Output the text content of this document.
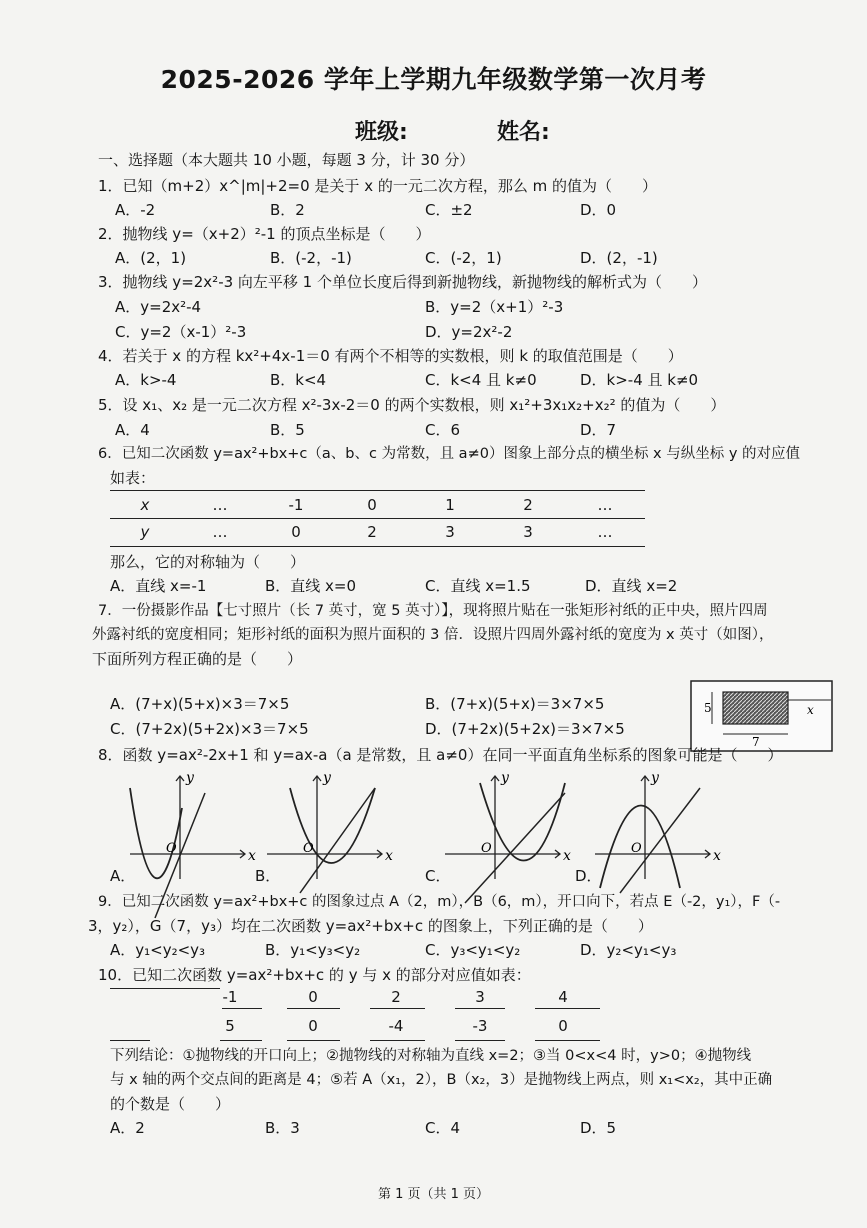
2025-2026 学年上学期九年级数学第一次月考
班级:	姓名:
一、选择题（本大题共 10 小题，每题 3 分，计 30 分）
1．已知（m+2）x^|m|+2=0 是关于 x 的一元二次方程，那么 m 的值为（　　）
A．-2	B．2	C．±2	D．0
2．抛物线 y=（x+2）²-1 的顶点坐标是（　　）
A．(2，1)	B．(-2，-1)	C．(-2，1)	D．(2，-1)
3．抛物线 y=2x²-3 向左平移 1 个单位长度后得到新抛物线，新抛物线的解析式为（　　）
A．y=2x²-4	B．y=2（x+1）²-3
C．y=2（x-1）²-3	D．y=2x²-2
4．若关于 x 的方程 kx²+4x-1＝0 有两个不相等的实数根，则 k 的取值范围是（　　）
A．k>-4	B．k<4	C．k<4 且 k≠0	D．k>-4 且 k≠0
5．设 x₁、x₂ 是一元二次方程 x²-3x-2＝0 的两个实数根，则 x₁²+3x₁x₂+x₂² 的值为（　　）
A．4	B．5	C．6	D．7
6．已知二次函数 y=ax²+bx+c（a、b、c 为常数，且 a≠0）图象上部分点的横坐标 x 与纵坐标 y 的对应值
如表：
x	…	-1	0	1	2	…
y	…	0	2	3	3	…
那么，它的对称轴为（　　）
A．直线 x=-1	B．直线 x=0	C．直线 x=1.5	D．直线 x=2
7．一份摄影作品【七寸照片（长 7 英寸，宽 5 英寸）】，现将照片贴在一张矩形衬纸的正中央，照片四周
外露衬纸的宽度相同；矩形衬纸的面积为照片面积的 3 倍．设照片四周外露衬纸的宽度为 x 英寸（如图），
下面所列方程正确的是（　　）
A．(7+x)(5+x)×3＝7×5	B．(7+x)(5+x)＝3×7×5
C．(7+2x)(5+2x)×3＝7×5	D．(7+2x)(5+2x)＝3×7×5
5
7
x
8．函数 y=ax²-2x+1 和 y=ax-a（a 是常数，且 a≠0）在同一平面直角坐标系的图象可能是（　　）
x
y
O
A．
x
y
O
B．
x
y
O
C．
x
y
O
D．
9．已知二次函数 y=ax²+bx+c 的图象过点 A（2，m），B（6，m），开口向下，若点 E（-2，y₁），F（-
3，y₂），G（7，y₃）均在二次函数 y=ax²+bx+c 的图象上，下列正确的是（　　）
A．y₁<y₂<y₃	B．y₁<y₃<y₂	C．y₃<y₁<y₂	D．y₂<y₁<y₃
10．已知二次函数 y=ax²+bx+c 的 y 与 x 的部分对应值如表：
-1	0	2	3	4
5	0	-4	-3	0
下列结论：①抛物线的开口向上；②抛物线的对称轴为直线 x=2；③当 0<x<4 时，y>0；④抛物线
与 x 轴的两个交点间的距离是 4；⑤若 A（x₁，2），B（x₂，3）是抛物线上两点，则 x₁<x₂，其中正确
的个数是（　　）
A．2	B．3	C．4	D．5
第 1 页（共 1 页）
